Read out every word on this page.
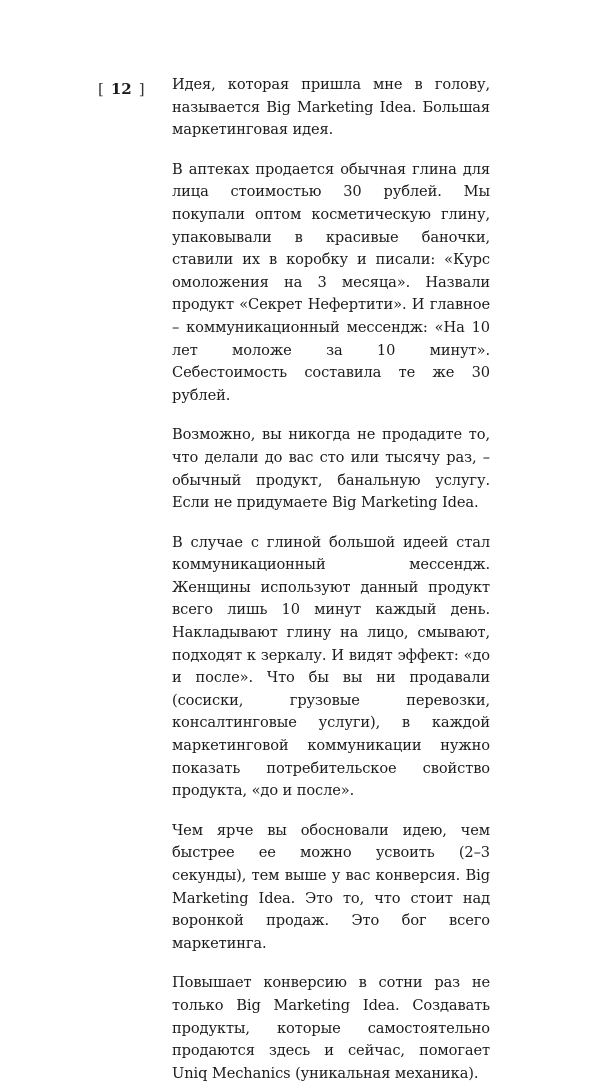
[ 12 ] Идея, которая пришла мне в голову, называется Big Marketing Idea. Большая маркетинговая идея.

В аптеках продается обычная глина для лица стоимостью 30 рублей. Мы покупали оптом косметическую глину, упаковывали в красивые баночки, ставили их в коробку и писали: «Курс омоложения на 3 месяца». Назвали продукт «Секрет Нефертити». И главное – коммуникационный мессендж: «На 10 лет моложе за 10 минут». Себестоимость составила те же 30 рублей.

Возможно, вы никогда не продадите то, что делали до вас сто или тысячу раз, – обычный продукт, банальную услугу. Если не придумаете Big Marketing Idea.

В случае с глиной большой идеей стал коммуникационный мессендж. Женщины используют данный продукт всего лишь 10 минут каждый день. Накладывают глину на лицо, смывают, подходят к зеркалу. И видят эффект: «до и после». Что бы вы ни продавали (сосиски, грузовые перевозки, консалтинговые услуги), в каждой маркетинговой коммуникации нужно показать потребительское свойство продукта, «до и после».

Чем ярче вы обосновали идею, чем быстрее ее можно усвоить (2–3 секунды), тем выше у вас конверсия. Big Marketing Idea. Это то, что стоит над воронкой продаж. Это бог всего маркетинга.

Повышает конверсию в сотни раз не только Big Marketing Idea. Создавать продукты, которые самостоятельно продаются здесь и сейчас, помогает Uniq Mechanics (уникальная механика).
